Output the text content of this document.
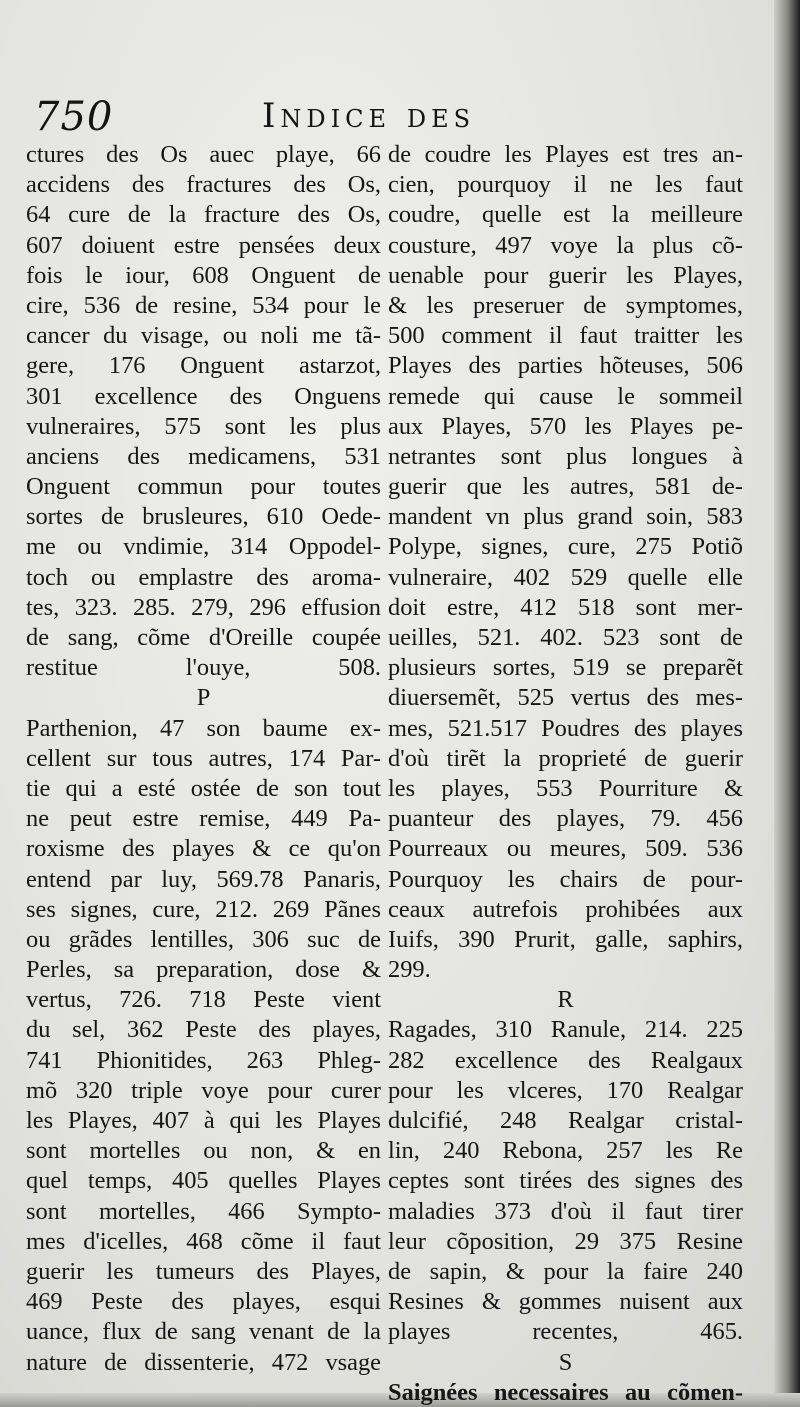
750	Indice des
ctures des Os auec playe, 66
accidens des fractures des Os,
64 cure de la fracture des Os,
607 doiuent estre pensées deux
fois le iour, 608 Onguent de
cire, 536 de resine, 534 pour le
cancer du visage, ou noli me tã-
gere, 176 Onguent astarzot,
301 excellence des Onguens
vulneraires, 575 sont les plus
anciens des medicamens, 531
Onguent commun pour toutes
sortes de brusleures, 610 Oede-
me ou vndimie, 314 Oppodel-
toch ou emplastre des aroma-
tes, 323. 285. 279, 296 effusion
de sang, cõme d'Oreille coupée
restitue l'ouye, 508.
P
Parthenion, 47 son baume ex-
cellent sur tous autres, 174 Par-
tie qui a esté ostée de son tout
ne peut estre remise, 449 Pa-
roxisme des playes & ce qu'on
entend par luy, 569.78 Panaris,
ses signes, cure, 212. 269 Pãnes
ou grãdes lentilles, 306 suc de
Perles, sa preparation, dose &
vertus, 726. 718 Peste vient
du sel, 362 Peste des playes,
741 Phionitides, 263 Phleg-
mõ 320 triple voye pour curer
les Playes, 407 à qui les Playes
sont mortelles ou non, & en
quel temps, 405 quelles Playes
sont mortelles, 466 Sympto-
mes d'icelles, 468 cõme il faut
guerir les tumeurs des Playes,
469 Peste des playes, esqui
uance, flux de sang venant de la
nature de dissenterie, 472 vsage
de coudre les Playes est tres an-
cien, pourquoy il ne les faut
coudre, quelle est la meilleure
cousture, 497 voye la plus cõ-
uenable pour guerir les Playes,
& les preseruer de symptomes,
500 comment il faut traitter les
Playes des parties hõteuses, 506
remede qui cause le sommeil
aux Playes, 570 les Playes pe-
netrantes sont plus longues à
guerir que les autres, 581 de-
mandent vn plus grand soin, 583
Polype, signes, cure, 275 Potiõ
vulneraire, 402 529 quelle elle
doit estre, 412 518 sont mer-
ueilles, 521. 402. 523 sont de
plusieurs sortes, 519 se preparẽt
diuersemẽt, 525 vertus des mes-
mes, 521.517 Poudres des playes
d'où tirẽt la proprieté de guerir
les playes, 553 Pourriture &
puanteur des playes, 79. 456
Pourreaux ou meures, 509. 536
Pourquoy les chairs de pour-
ceaux autrefois prohibées aux
Iuifs, 390 Prurit, galle, saphirs,
299.
R
Ragades, 310 Ranule, 214. 225
282 excellence des Realgaux
pour les vlceres, 170 Realgar
dulcifié, 248 Realgar cristal-
lin, 240 Rebona, 257 les Re
ceptes sont tirées des signes des
maladies 373 d'où il faut tirer
leur cõposition, 29 375 Resine
de sapin, & pour la faire 240
Resines & gommes nuisent aux
playes recentes, 465.
S
Saignées necessaires au cõmen-
